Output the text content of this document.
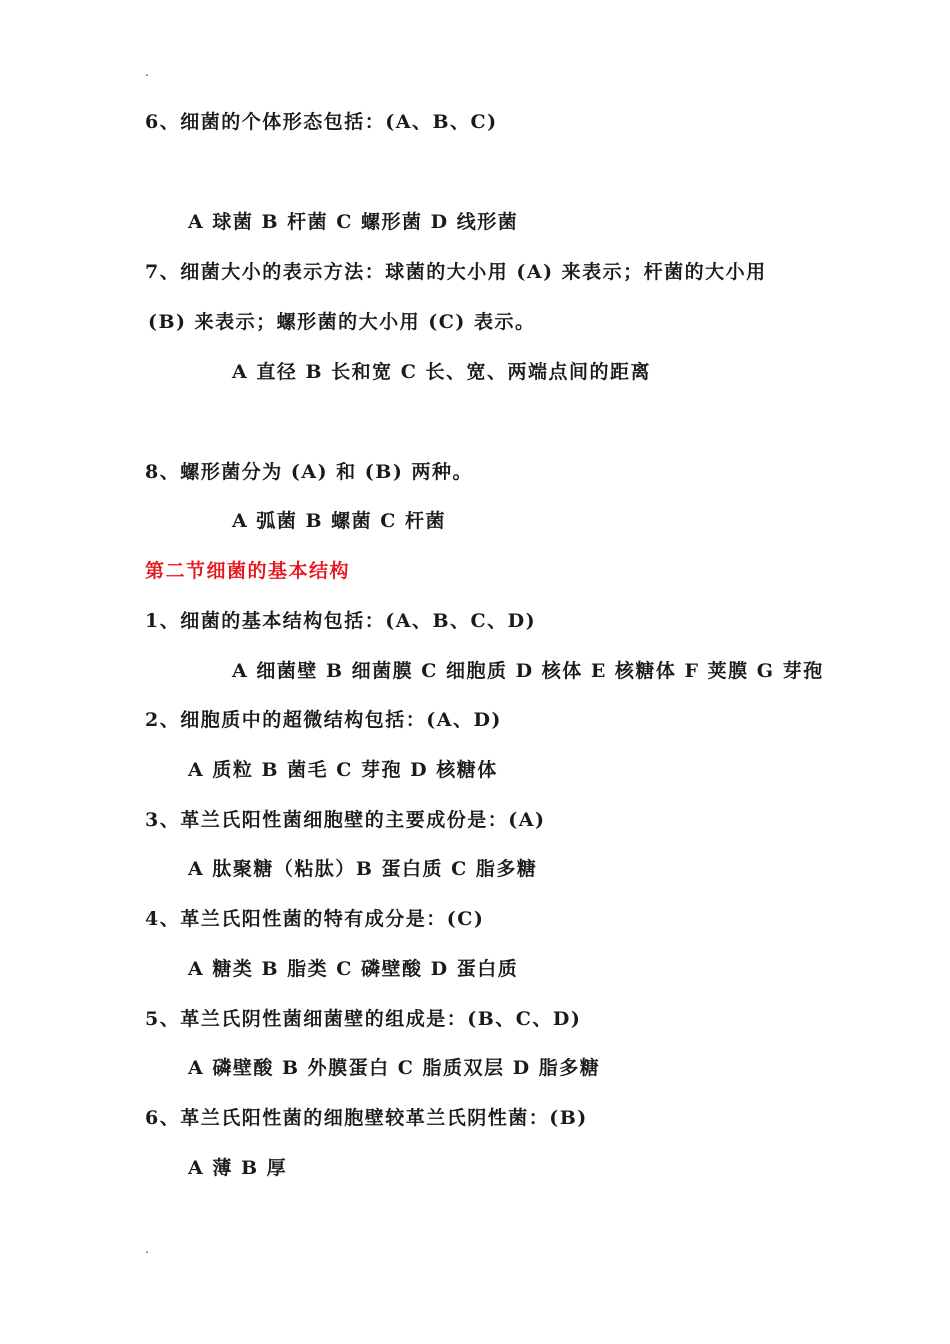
.
6、细菌的个体形态包括：(A、B、C)
A 球菌 B 杆菌 C 螺形菌 D 线形菌
7、细菌大小的表示方法：球菌的大小用 (A) 来表示；杆菌的大小用
(B) 来表示；螺形菌的大小用 (C) 表示。
A 直径 B 长和宽 C 长、宽、两端点间的距离
8、螺形菌分为 (A) 和 (B) 两种。
A 弧菌 B 螺菌 C 杆菌
第二节细菌的基本结构
1、细菌的基本结构包括：(A、B、C、D)
A 细菌壁 B 细菌膜 C 细胞质 D 核体 E 核糖体 F 荚膜 G 芽孢
2、细胞质中的超微结构包括：(A、D)
A 质粒 B 菌毛 C 芽孢 D 核糖体
3、革兰氏阳性菌细胞壁的主要成份是：(A)
A 肽聚糖（粘肽）B 蛋白质 C 脂多糖
4、革兰氏阳性菌的特有成分是：(C)
A 糖类 B 脂类 C 磷壁酸 D 蛋白质
5、革兰氏阴性菌细菌壁的组成是：(B、C、D)
A 磷壁酸 B 外膜蛋白 C 脂质双层 D 脂多糖
6、革兰氏阳性菌的细胞壁较革兰氏阴性菌：(B)
A 薄 B 厚
.
